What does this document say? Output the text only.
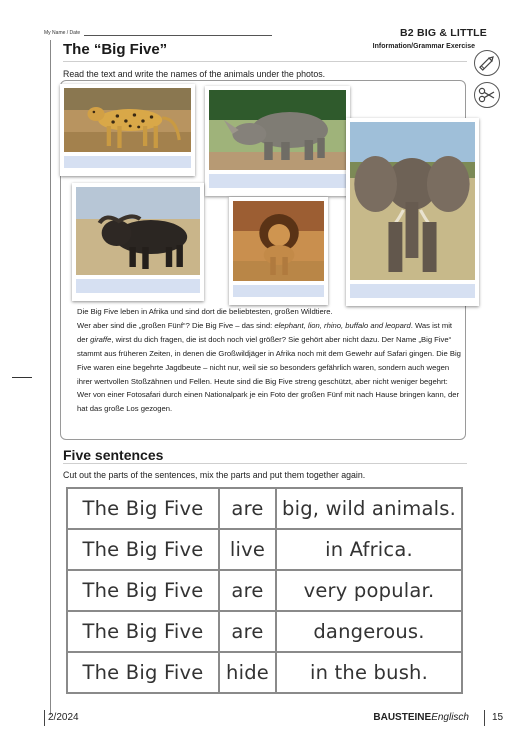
My Name / Date	B2 BIG & LITTLE
Information/Grammar Exercise
The “Big Five”
Read the text and write the names of the animals under the photos.

Die Big Five leben in Afrika und sind dort die beliebtesten, großen Wildtiere.
Wer aber sind die „großen Fünf“? Die Big Five – das sind: elephant, lion, rhino, buffalo and leopard. Was ist mit der giraffe, wirst du dich fragen, die ist doch noch viel größer? Sie gehört aber nicht dazu. Der Name „Big Five“ stammt aus früheren Zeiten, in denen die Großwildjäger in Afrika noch mit dem Gewehr auf Safari gingen. Die Big Five waren eine begehrte Jagdbeute – nicht nur, weil sie so besonders gefährlich waren, sondern auch wegen ihrer wertvollen Stoßzähnen und Fellen. Heute sind die Big Five streng geschützt, aber nicht weniger begehrt: Wer von einer Fotosafari durch einen Nationalpark je ein Foto der großen Fünf mit nach Hause bringen kann, der hat das große Los gezogen.

Five sentences
Cut out the parts of the sentences, mix the parts and put them together again.
The Big Five	are	big, wild animals.
The Big Five	live	in Africa.
The Big Five	are	very popular.
The Big Five	are	dangerous.
The Big Five	hide	in the bush.
2/2024	BAUSTEINEEnglisch 15
